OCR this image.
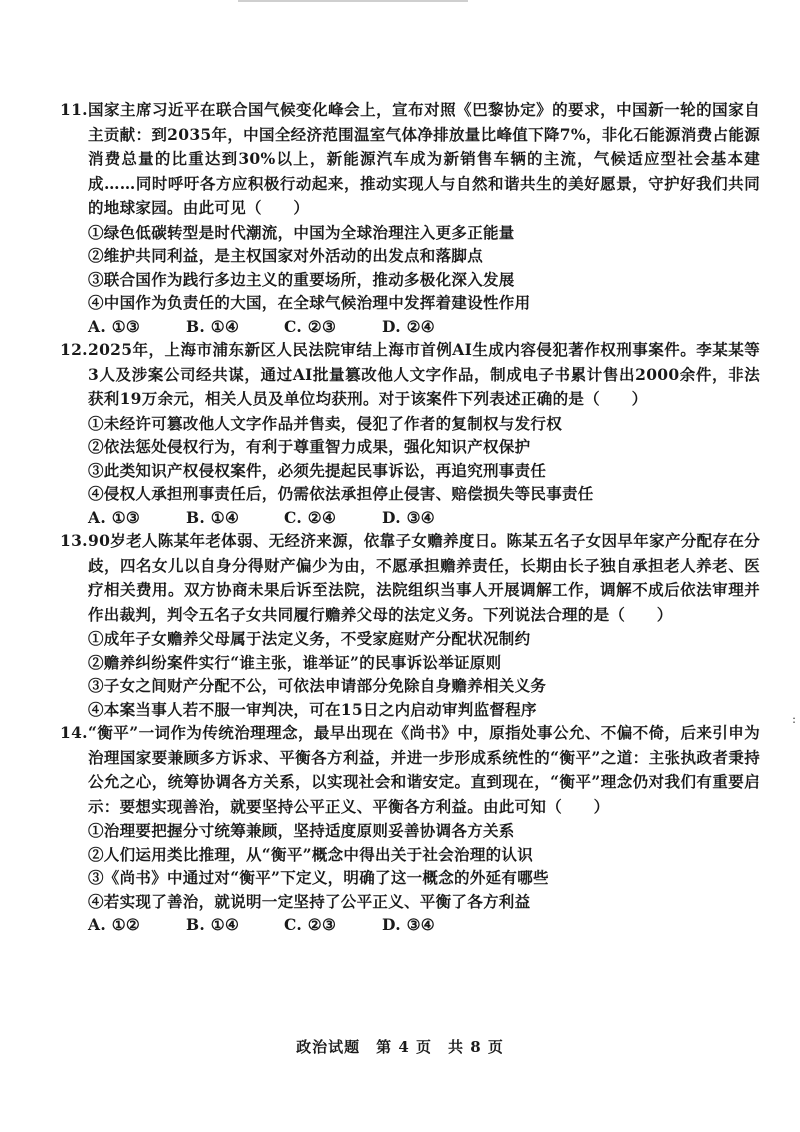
11. 国家主席习近平在联合国气候变化峰会上，宣布对照《巴黎协定》的要求，中国新一轮的国家自主贡献：到2035年，中国全经济范围温室气体净排放量比峰值下降7%，非化石能源消费占能源消费总量的比重达到30%以上，新能源汽车成为新销售车辆的主流，气候适应型社会基本建成……同时呼吁各方应积极行动起来，推动实现人与自然和谐共生的美好愿景，守护好我们共同的地球家园。由此可见（　　）
①绿色低碳转型是时代潮流，中国为全球治理注入更多正能量
②维护共同利益，是主权国家对外活动的出发点和落脚点
③联合国作为践行多边主义的重要场所，推动多极化深入发展
④中国作为负责任的大国，在全球气候治理中发挥着建设性作用
A. ①③	B. ①④	C. ②③	D. ②④
12. 2025年，上海市浦东新区人民法院审结上海市首例AI生成内容侵犯著作权刑事案件。李某某等3人及涉案公司经共谋，通过AI批量篡改他人文字作品，制成电子书累计售出2000余件，非法获利19万余元，相关人员及单位均获刑。对于该案件下列表述正确的是（　　）
①未经许可篡改他人文字作品并售卖，侵犯了作者的复制权与发行权
②依法惩处侵权行为，有利于尊重智力成果，强化知识产权保护
③此类知识产权侵权案件，必须先提起民事诉讼，再追究刑事责任
④侵权人承担刑事责任后，仍需依法承担停止侵害、赔偿损失等民事责任
A. ①③	B. ①④	C. ②④	D. ③④
13. 90岁老人陈某年老体弱、无经济来源，依靠子女赡养度日。陈某五名子女因早年家产分配存在分歧，四名女儿以自身分得财产偏少为由，不愿承担赡养责任，长期由长子独自承担老人养老、医疗相关费用。双方协商未果后诉至法院，法院组织当事人开展调解工作，调解不成后依法审理并作出裁判，判令五名子女共同履行赡养父母的法定义务。下列说法合理的是（　　）
①成年子女赡养父母属于法定义务，不受家庭财产分配状况制约
②赡养纠纷案件实行“谁主张，谁举证”的民事诉讼举证原则
③子女之间财产分配不公，可依法申请部分免除自身赡养相关义务
④本案当事人若不服一审判决，可在15日之内启动审判监督程序
14. “衡平”一词作为传统治理理念，最早出现在《尚书》中，原指处事公允、不偏不倚，后来引申为治理国家要兼顾多方诉求、平衡各方利益，并进一步形成系统性的“衡平”之道：主张执政者秉持公允之心，统筹协调各方关系，以实现社会和谐安定。直到现在，“衡平”理念仍对我们有重要启示：要想实现善治，就要坚持公平正义、平衡各方利益。由此可知（　　）
①治理要把握分寸统筹兼顾，坚持适度原则妥善协调各方关系
②人们运用类比推理，从“衡平”概念中得出关于社会治理的认识
③《尚书》中通过对“衡平”下定义，明确了这一概念的外延有哪些
④若实现了善治，就说明一定坚持了公平正义、平衡了各方利益
A. ①②	B. ①④	C. ②③	D. ③④
:
政治试题　第 4 页　共 8 页
